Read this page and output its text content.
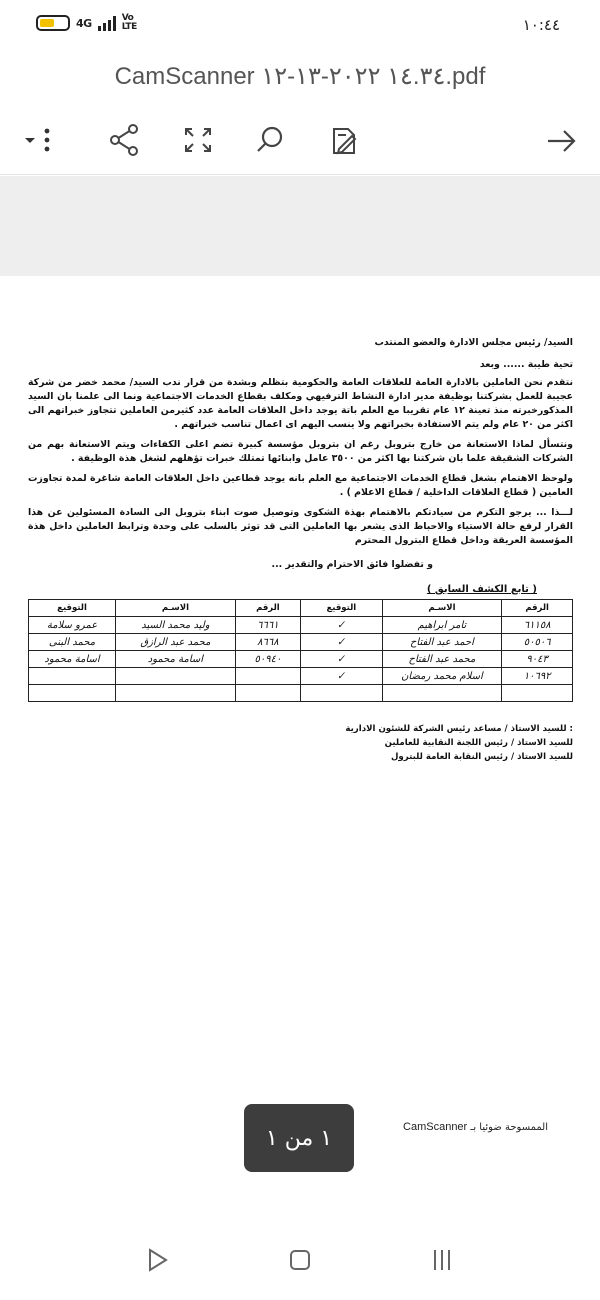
4G	Vo
LTE	١٠:٤٤
CamScanner ١٤.٣٤ ٢٠٢٢-١٣-١٢.pdf

السيد/ رئيس مجلس الادارة والعضو المنتدب

تحية طيبة ...... وبعد

نتقدم نحن العاملين بالادارة العامة للعلاقات العامة والحكومية بتظلم وبشدة من قرار ندب السيد/ محمد خضر من شركة عجيبة للعمل بشركتنا بوظيفة مدير ادارة النشاط الترفيهي ومكلف بقطاع الخدمات الاجتماعية ونما الى علمنا بان السيد المذكورخبرته منذ تعينة ١٢ عام تقريبا مع العلم باتة يوجد داخل العلاقات العامة عدد كثيرمن العاملين تتجاوز خبراتهم الى اكثر من ٢٠ عام ولم يتم الاستفادة بخبراتهم ولا ينسب اليهم اى اعمال تناسب خبراتهم .

ونتسأل لماذا الاستعانة من خارج بتروبل رغم ان بتروبل مؤسسة كبيرة تضم اعلى الكفاءات ويتم الاستعانة بهم من الشركات الشقيقة علما بان شركتنا بها اكثر من ٣٥٠٠ عامل وابنائها تمتلك خبرات تؤهلهم لشغل هذة الوظيفة .

ولوحظ الاهتمام بشغل قطاع الخدمات الاجتماعية مع العلم بانه يوجد قطاعين داخل العلاقات العامة شاغرة لمدة تجاوزت العامين ( قطاع العلاقات الداخلية / قطاع الاعلام ) .

لـــذا ... يرجو التكرم من سيادتكم بالاهتمام بهذة الشكوى وتوصيل صوت ابناء بتروبل الى السادة المسئولين عن هذا القرار لرفع حالة الاستياء والاحباط الذى يشعر بها العاملين التى قد توثر بالسلب على وحدة وترابط العاملين داخل هذة المؤسسة العريقة وداخل قطاع البترول المحترم

و تفضلوا فائق الاحترام والتقدير ...

( تابع الكشف السابق )
الرقم	الاسـم	التوقيع	الرقم	الاسـم	التوقيع
٦١١٥٨	تامر ابراهيم	✓	٦٦٦١	وليد محمد السيد	عمرو سلامة
٥٠٥٠٦	احمد عبد الفتاح	✓	٨٦٦٨	محمد عبد الرازق	محمد البنى
٩٠٤٣	محمد عبد الفتاح	✓	٥٠٩٤٠	اسامة محمود	اسامة محمود
١٠٦٩٢	اسلام محمد رمضان	✓			

: للسيد الاستاذ / مساعد رئيس الشركة للشئون الادارية

للسيد الاستاذ / رئيس اللجنة النقابية للعاملين

للسيد الاستاذ / رئيس النقابة العامة للبترول

الممسوحة ضوئيا بـ CamScanner
١ من ١
